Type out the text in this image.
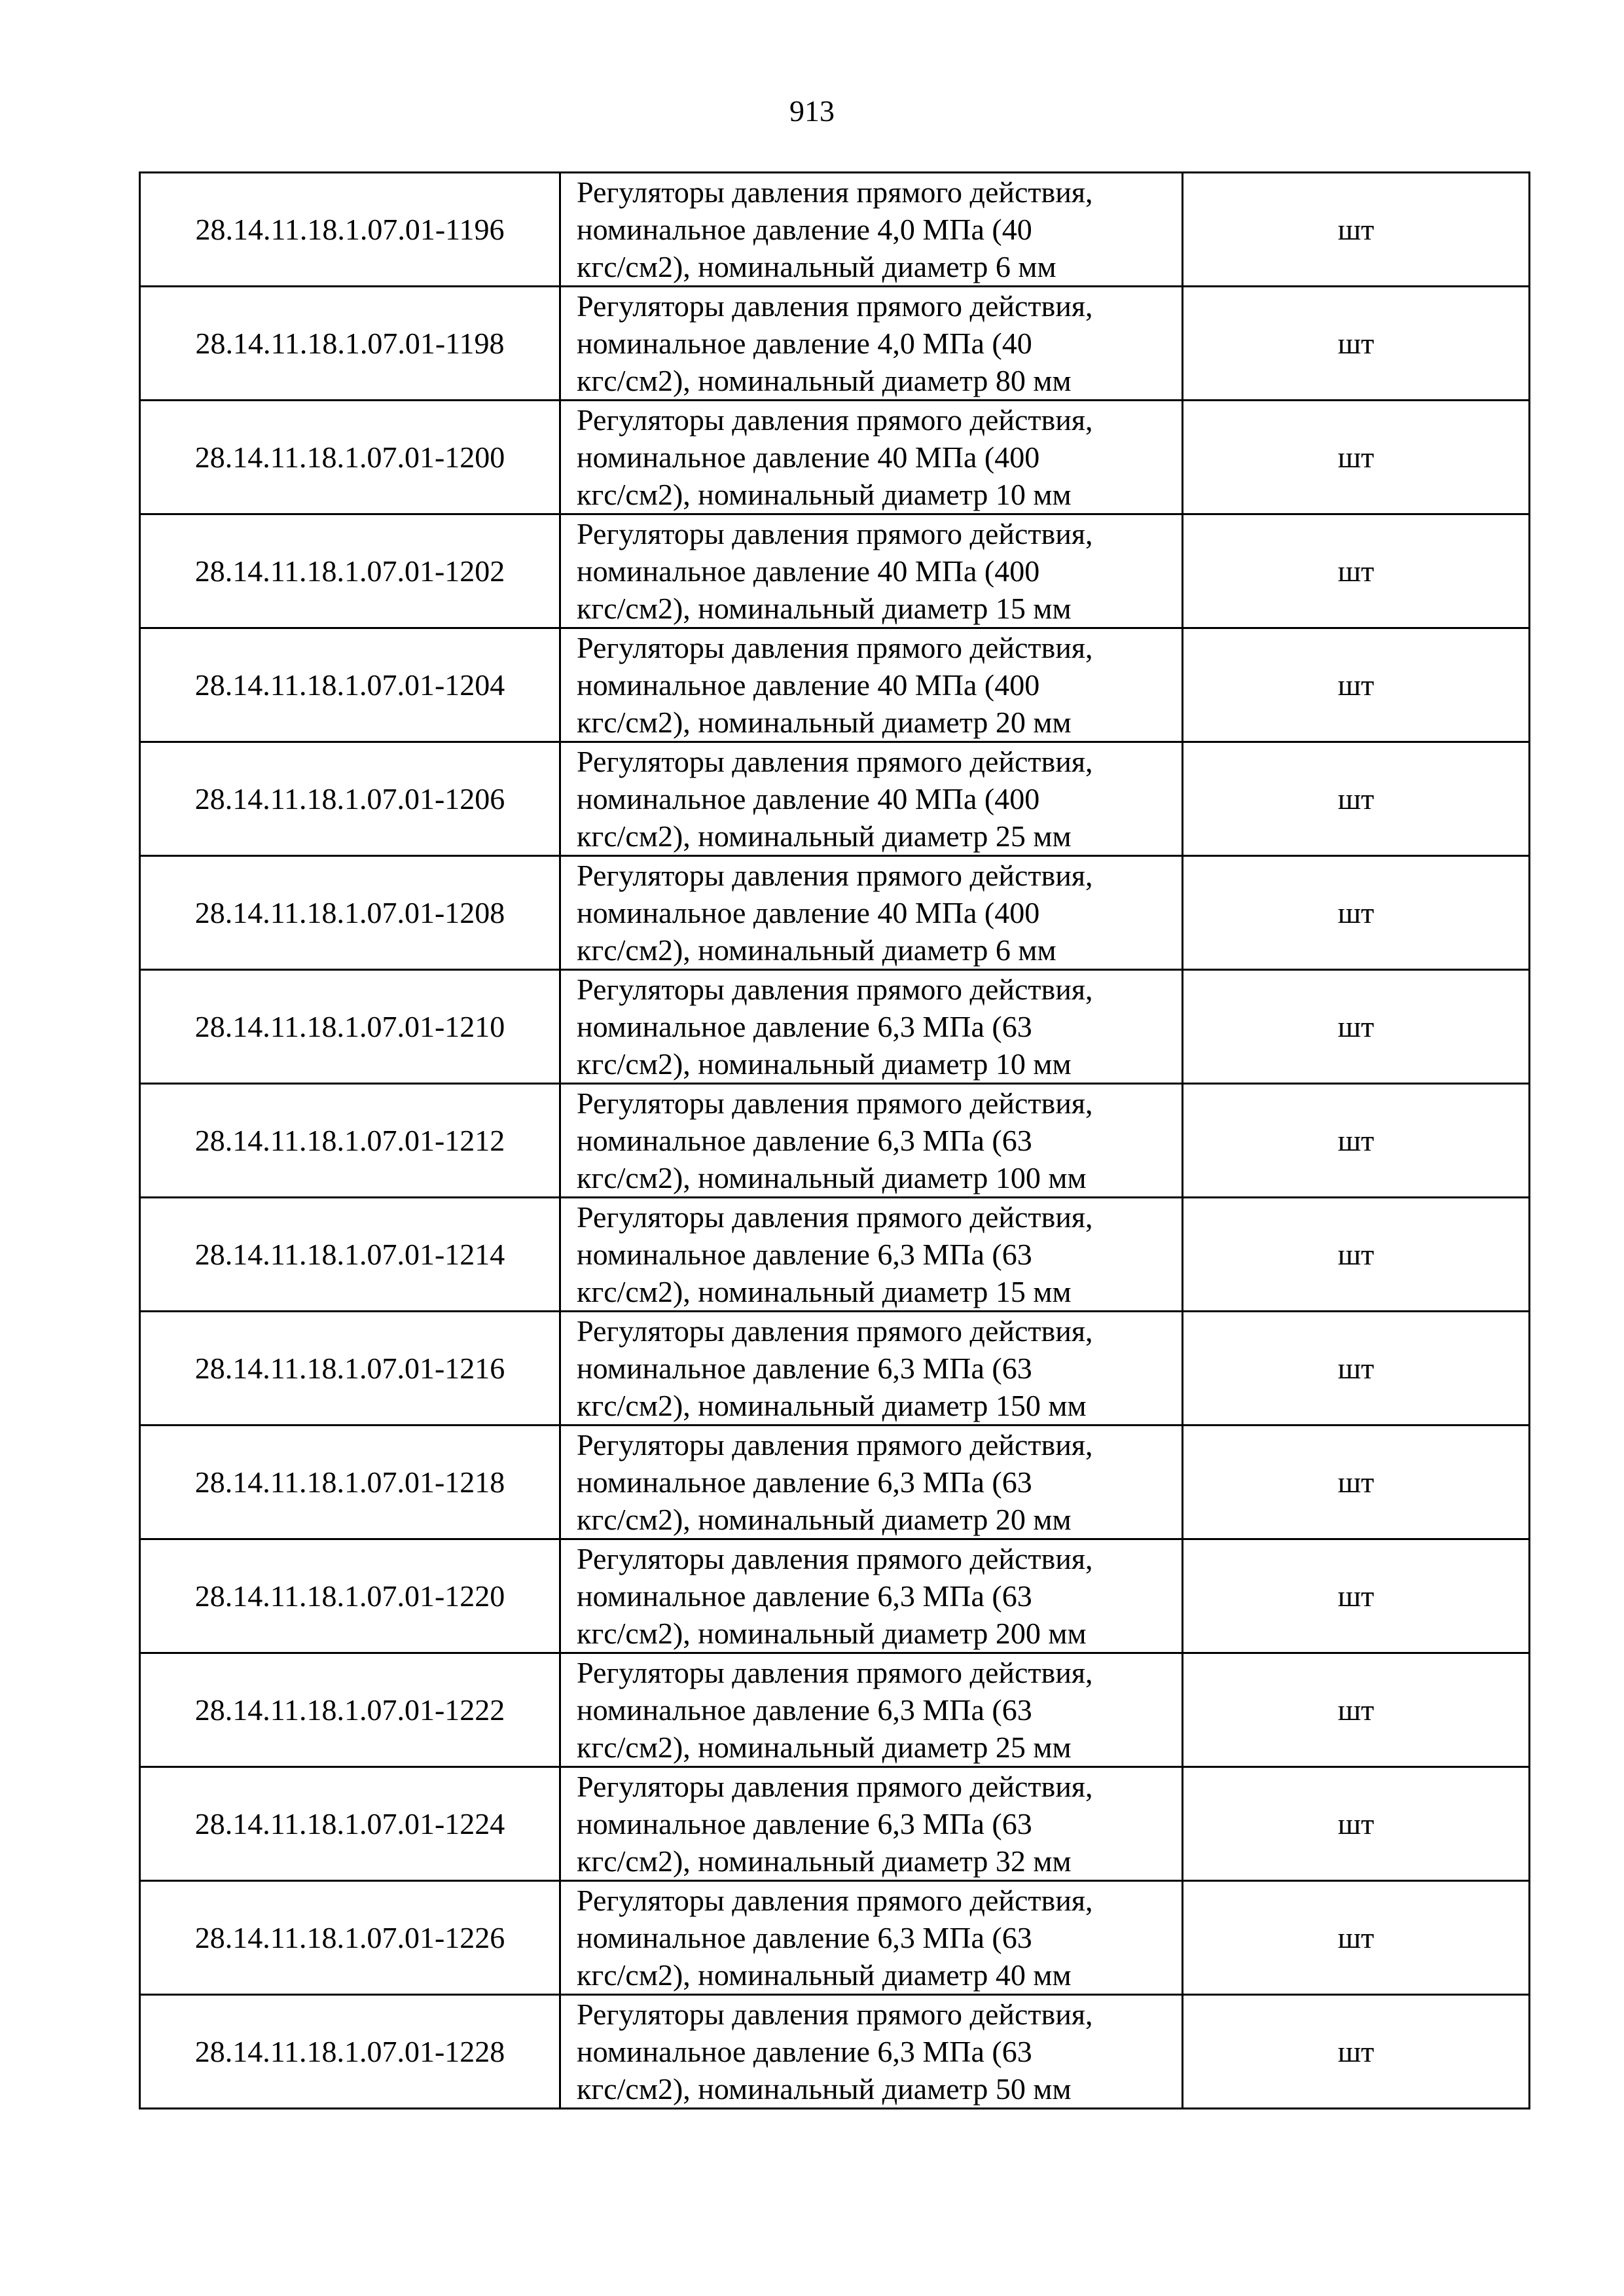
913
28.14.11.18.1.07.01-1196	Регуляторы давления прямого действия,
номинальное давление 4,0 МПа (40
кгс/см2), номинальный диаметр 6 мм	шт
28.14.11.18.1.07.01-1198	Регуляторы давления прямого действия,
номинальное давление 4,0 МПа (40
кгс/см2), номинальный диаметр 80 мм	шт
28.14.11.18.1.07.01-1200	Регуляторы давления прямого действия,
номинальное давление 40 МПа (400
кгс/см2), номинальный диаметр 10 мм	шт
28.14.11.18.1.07.01-1202	Регуляторы давления прямого действия,
номинальное давление 40 МПа (400
кгс/см2), номинальный диаметр 15 мм	шт
28.14.11.18.1.07.01-1204	Регуляторы давления прямого действия,
номинальное давление 40 МПа (400
кгс/см2), номинальный диаметр 20 мм	шт
28.14.11.18.1.07.01-1206	Регуляторы давления прямого действия,
номинальное давление 40 МПа (400
кгс/см2), номинальный диаметр 25 мм	шт
28.14.11.18.1.07.01-1208	Регуляторы давления прямого действия,
номинальное давление 40 МПа (400
кгс/см2), номинальный диаметр 6 мм	шт
28.14.11.18.1.07.01-1210	Регуляторы давления прямого действия,
номинальное давление 6,3 МПа (63
кгс/см2), номинальный диаметр 10 мм	шт
28.14.11.18.1.07.01-1212	Регуляторы давления прямого действия,
номинальное давление 6,3 МПа (63
кгс/см2), номинальный диаметр 100 мм	шт
28.14.11.18.1.07.01-1214	Регуляторы давления прямого действия,
номинальное давление 6,3 МПа (63
кгс/см2), номинальный диаметр 15 мм	шт
28.14.11.18.1.07.01-1216	Регуляторы давления прямого действия,
номинальное давление 6,3 МПа (63
кгс/см2), номинальный диаметр 150 мм	шт
28.14.11.18.1.07.01-1218	Регуляторы давления прямого действия,
номинальное давление 6,3 МПа (63
кгс/см2), номинальный диаметр 20 мм	шт
28.14.11.18.1.07.01-1220	Регуляторы давления прямого действия,
номинальное давление 6,3 МПа (63
кгс/см2), номинальный диаметр 200 мм	шт
28.14.11.18.1.07.01-1222	Регуляторы давления прямого действия,
номинальное давление 6,3 МПа (63
кгс/см2), номинальный диаметр 25 мм	шт
28.14.11.18.1.07.01-1224	Регуляторы давления прямого действия,
номинальное давление 6,3 МПа (63
кгс/см2), номинальный диаметр 32 мм	шт
28.14.11.18.1.07.01-1226	Регуляторы давления прямого действия,
номинальное давление 6,3 МПа (63
кгс/см2), номинальный диаметр 40 мм	шт
28.14.11.18.1.07.01-1228	Регуляторы давления прямого действия,
номинальное давление 6,3 МПа (63
кгс/см2), номинальный диаметр 50 мм	шт
